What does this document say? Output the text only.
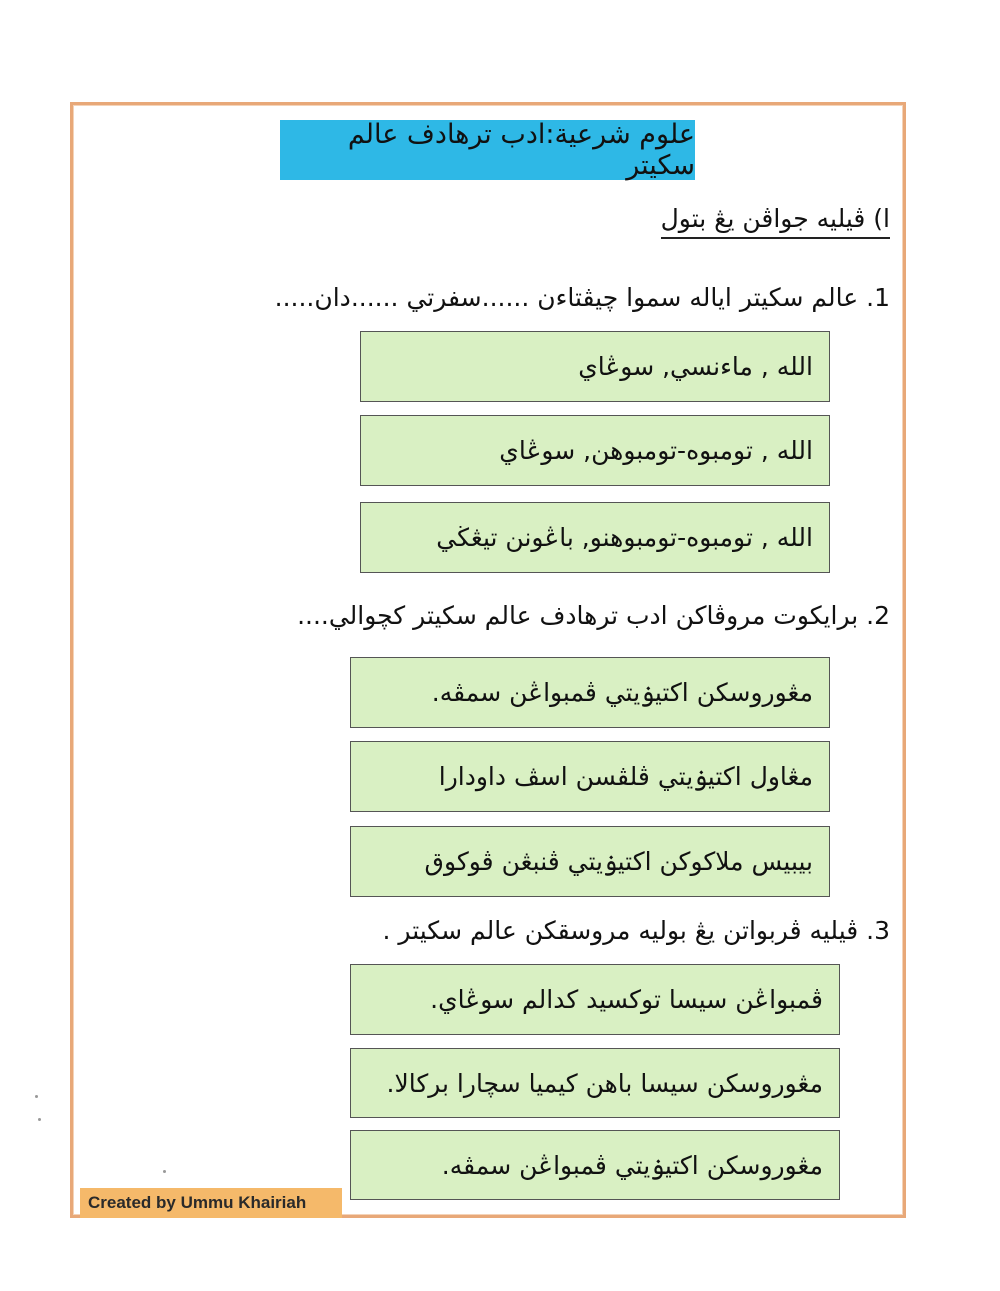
علوم شرعية:ادب ترهادف عالم سکيتر
ا) ڤيليه جواڤن يڠ بتول
1. عالم سکيتر اياله سموا چيڤتاءن ......سفرتي ......دان.....
الله , ماءنسي, سوڠاي
الله , تومبوه-تومبوهن, سوڠاي
الله , تومبوه-تومبوهنو, باڠونن تيڠڬي
2. برايکوت مروڤاکن ادب ترهادف عالم سکيتر کچوالي....
مڠوروسکن اکتيۏيتي ڤمبواڠن سمڤه.
مڠاول اکتيۏيتي ڤلڤسن اسڤ داودارا
بيبيس ملاکوکن اکتيۏيتي ڤنبڠن ڤوکوق
3. ڤيليه ڤربواتن يڠ بوليه مروسقکن عالم سکيتر .
ڤمبواڠن سيسا توکسيد کدالم سوڠاي.
مڠوروسکن سيسا باهن کيميا سچارا برکالا.
مڠوروسکن اکتيۏيتي ڤمبواڠن سمڤه.
Created by Ummu Khairiah
